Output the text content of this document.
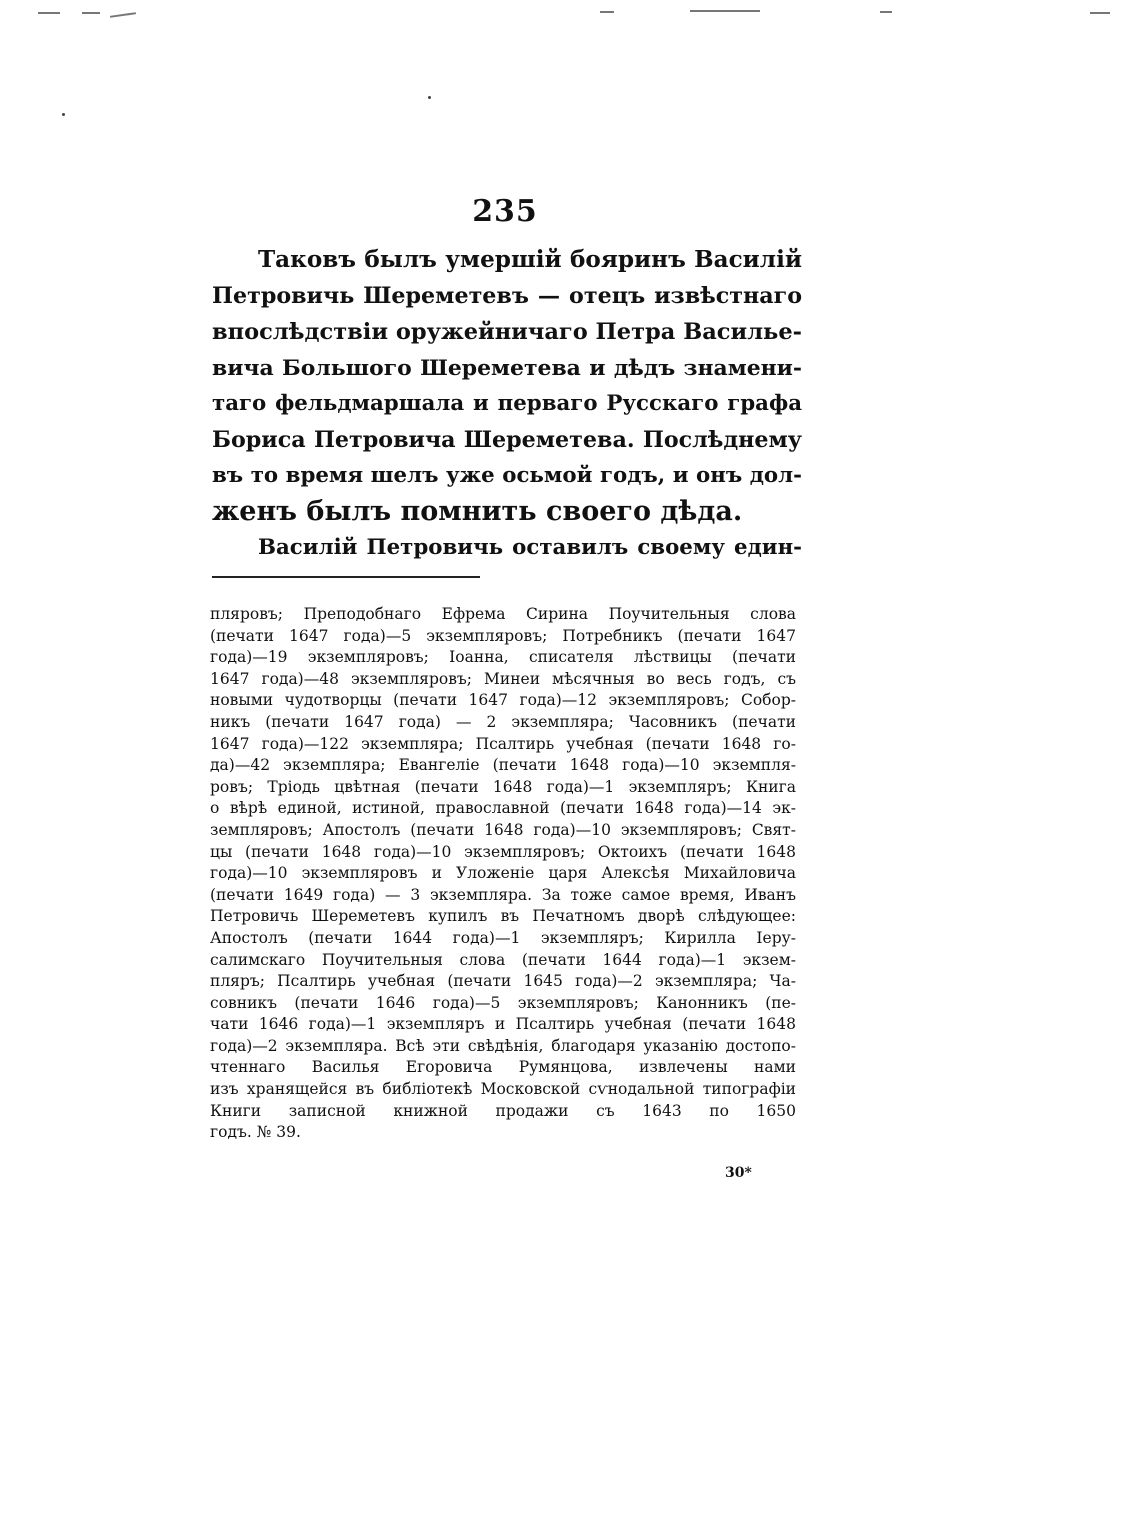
235
Таковъ былъ умершій бояринъ Василій
Петровичь Шереметевъ — отецъ извѣстнаго
впослѣдствіи оружейничаго Петра Василье-
вича Большого Шереметева и дѣдъ знамени-
таго фельдмаршала и перваго Русскаго графа
Бориса Петровича Шереметева. Послѣднему
въ то время шелъ уже осьмой годъ, и онъ дол-
женъ былъ помнить своего дѣда.
Василій Петровичь оставилъ своему един-
пляровъ; Преподобнаго Ефрема Сирина Поучительныя слова
(печати 1647 года)—5 экземпляровъ; Потребникъ (печати 1647
года)—19 экземпляровъ; Іоанна, списателя лѣствицы (печати
1647 года)—48 экземпляровъ; Минеи мѣсячныя во весь годъ, съ
новыми чудотворцы (печати 1647 года)—12 экземпляровъ; Собор-
никъ (печати 1647 года) — 2 экземпляра; Часовникъ (печати
1647 года)—122 экземпляра; Псалтирь учебная (печати 1648 го-
да)—42 экземпляра; Евангеліе (печати 1648 года)—10 экземпля-
ровъ; Тріодь цвѣтная (печати 1648 года)—1 экземпляръ; Книга
о вѣрѣ единой, истиной, православной (печати 1648 года)—14 эк-
земпляровъ; Апостолъ (печати 1648 года)—10 экземпляровъ; Свят-
цы (печати 1648 года)—10 экземпляровъ; Октоихъ (печати 1648
года)—10 экземпляровъ и Уложеніе царя Алексѣя Михайловича
(печати 1649 года) — 3 экземпляра. За тоже самое время, Иванъ
Петровичь Шереметевъ купилъ въ Печатномъ дворѣ слѣдующее:
Апостолъ (печати 1644 года)—1 экземпляръ; Кирилла Іеру-
салимскаго Поучительныя слова (печати 1644 года)—1 экзем-
пляръ; Псалтирь учебная (печати 1645 года)—2 экземпляра; Ча-
совникъ (печати 1646 года)—5 экземпляровъ; Канонникъ (пе-
чати 1646 года)—1 экземпляръ и Псалтирь учебная (печати 1648
года)—2 экземпляра. Всѣ эти свѣдѣнія, благодаря указанію достопо-
чтеннаго Василья Егоровича Румянцова, извлечены нами
изъ хранящейся въ библіотекѣ Московской сѵнодальной типографіи
Книги записной книжной продажи съ 1643 по 1650
годъ. № 39.
30*
